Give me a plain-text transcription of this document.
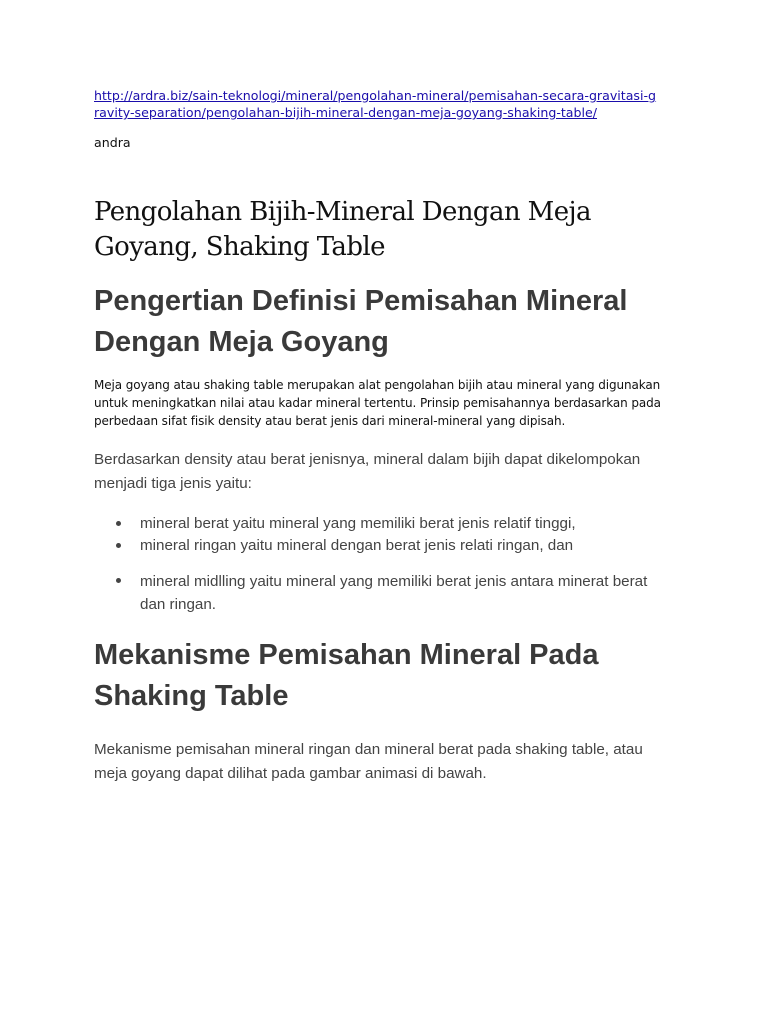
http://ardra.biz/sain-teknologi/mineral/pengolahan-mineral/pemisahan-secara-gravitasi-gravity-separation/pengolahan-bijih-mineral-dengan-meja-goyang-shaking-table/

andra

Pengolahan Bijih-Mineral Dengan Meja Goyang, Shaking Table
Pengertian Definisi Pemisahan Mineral Dengan Meja Goyang

Meja goyang atau shaking table merupakan alat pengolahan bijih atau mineral yang digunakan untuk meningkatkan nilai atau kadar mineral tertentu. Prinsip pemisahannya berdasarkan pada perbedaan sifat fisik density atau berat jenis dari mineral-mineral yang dipisah.

Berdasarkan density atau berat jenisnya, mineral dalam bijih dapat dikelompokan menjadi tiga jenis yaitu:

mineral berat yaitu mineral yang memiliki berat jenis relatif tinggi,
mineral ringan yaitu mineral dengan berat jenis relati ringan, dan
mineral midlling yaitu mineral yang memiliki berat jenis antara minerat berat dan ringan.
Mekanisme Pemisahan Mineral Pada Shaking Table

Mekanisme pemisahan mineral ringan dan mineral berat pada shaking table, atau meja goyang dapat dilihat pada gambar animasi di bawah.
